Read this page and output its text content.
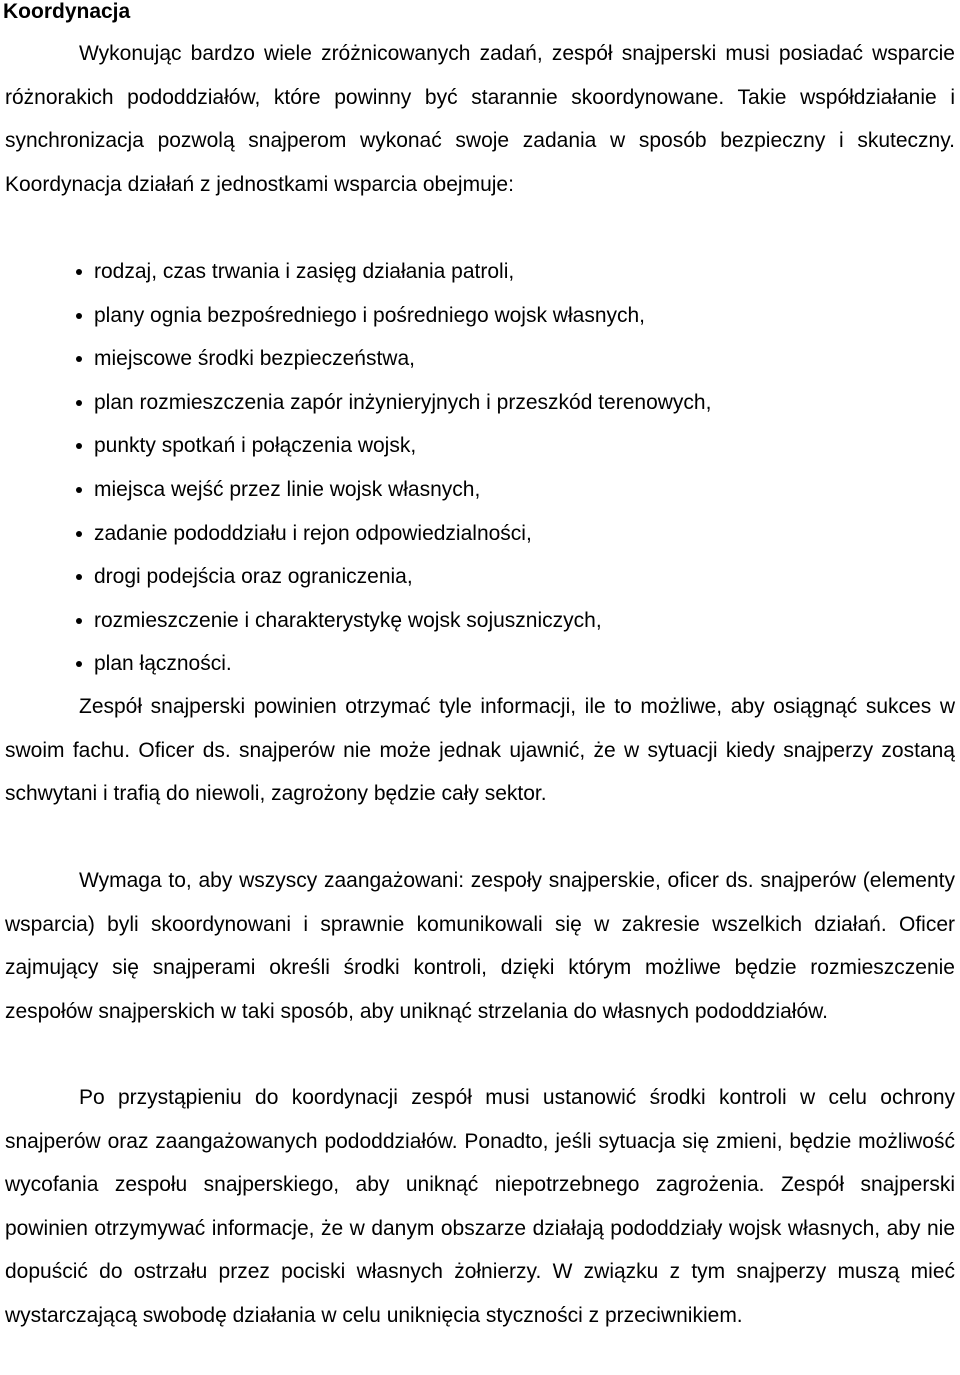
Koordynacja

Wykonując bardzo wiele zróżnicowanych zadań, zespół snajperski musi posiadać wsparcie różnorakich pododdziałów, które powinny być starannie skoordynowane. Takie współdziałanie i synchronizacja pozwolą snajperom wykonać swoje zadania w sposób bezpieczny i skuteczny. Koordynacja działań z jednostkami wsparcia obejmuje:

rodzaj, czas trwania i zasięg działania patroli,
plany ognia bezpośredniego i pośredniego wojsk własnych,
miejscowe środki bezpieczeństwa,
plan rozmieszczenia zapór inżynieryjnych i przeszkód terenowych,
punkty spotkań i połączenia wojsk,
miejsca wejść przez linie wojsk własnych,
zadanie pododdziału i rejon odpowiedzialności,
drogi podejścia oraz ograniczenia,
rozmieszczenie i charakterystykę wojsk sojuszniczych,
plan łączności.

Zespół snajperski powinien otrzymać tyle informacji, ile to możliwe, aby osiągnąć sukces w swoim fachu. Oficer ds. snajperów nie może jednak ujawnić, że w sytuacji kiedy snajperzy zostaną schwytani i trafią do niewoli, zagrożony będzie cały sektor.

Wymaga to, aby wszyscy zaangażowani: zespoły snajperskie, oficer ds. snajperów (elementy wsparcia) byli skoordynowani i sprawnie komunikowali się w zakresie wszelkich działań. Oficer zajmujący się snajperami określi środki kontroli, dzięki którym możliwe będzie rozmieszczenie zespołów snajperskich w taki sposób, aby uniknąć strzelania do własnych pododdziałów.

Po przystąpieniu do koordynacji zespół musi ustanowić środki kontroli w celu ochrony snajperów oraz zaangażowanych pododdziałów. Ponadto, jeśli sytuacja się zmieni, będzie możliwość wycofania zespołu snajperskiego, aby uniknąć niepotrzebnego zagrożenia. Zespół snajperski powinien otrzymywać informacje, że w danym obszarze działają pododdziały wojsk własnych, aby nie dopuścić do ostrzału przez pociski własnych żołnierzy. W związku z tym snajperzy muszą mieć wystarczającą swobodę działania w celu uniknięcia styczności z przeciwnikiem.
